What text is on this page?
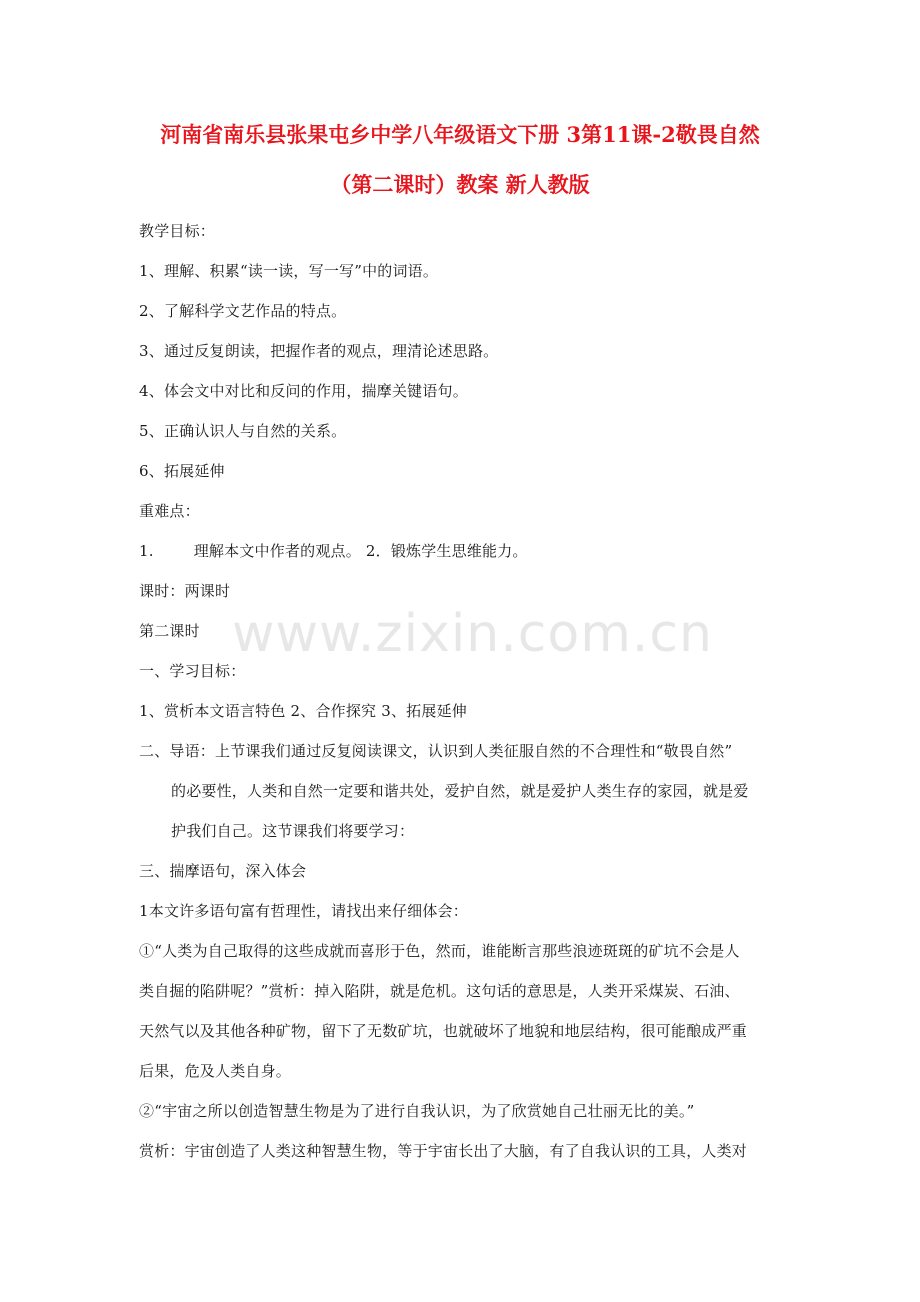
河南省南乐县张果屯乡中学八年级语文下册 3第11课-2敬畏自然
（第二课时）教案 新人教版
教学目标：
1、理解、积累“读一读，写一写”中的词语。
2、了解科学文艺作品的特点。
3、通过反复朗读，把握作者的观点，理清论述思路。
4、体会文中对比和反问的作用，揣摩关键语句。
5、正确认识人与自然的关系。
6、拓展延伸
重难点：
1.	理解本文中作者的观点。 2．锻炼学生思维能力。
课时：两课时
第二课时 www.zixin.com.cn
一、学习目标：
1、赏析本文语言特色 2、合作探究 3、拓展延伸
二、导语：上节课我们通过反复阅读课文，认识到人类征服自然的不合理性和“敬畏自然”
的必要性，人类和自然一定要和谐共处，爱护自然，就是爱护人类生存的家园，就是爱
护我们自己。这节课我们将要学习：
三、揣摩语句，深入体会
1本文许多语句富有哲理性，请找出来仔细体会：
①“人类为自己取得的这些成就而喜形于色，然而，谁能断言那些浪迹斑斑的矿坑不会是人
类自掘的陷阱呢？”赏析：掉入陷阱，就是危机。这句话的意思是，人类开采煤炭、石油、
天然气以及其他各种矿物，留下了无数矿坑，也就破坏了地貌和地层结构，很可能酿成严重
后果，危及人类自身。
②“宇宙之所以创造智慧生物是为了进行自我认识，为了欣赏她自己壮丽无比的美。”
赏析：宇宙创造了人类这种智慧生物，等于宇宙长出了大脑，有了自我认识的工具，人类对
